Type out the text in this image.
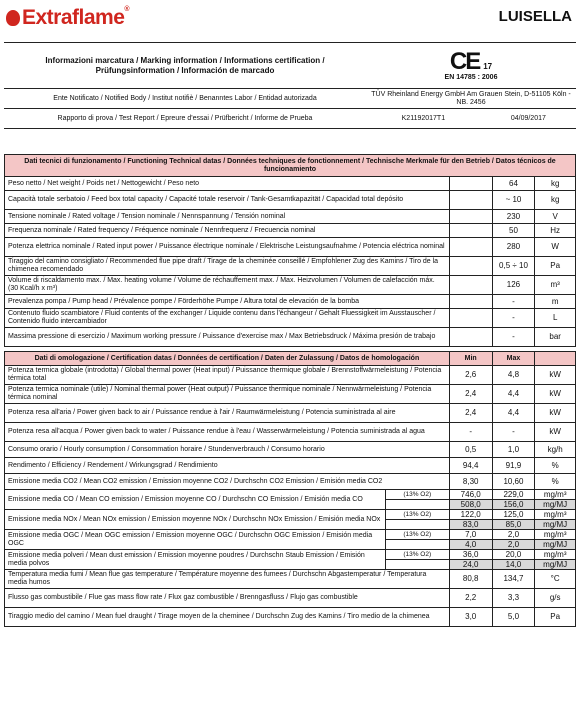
Extraflame®	LUISELLA
Informazioni marcatura / Marking information / Informations certification / Prüfungsinformation / Información de marcado	CE 17
EN 14785 : 2006	

Ente Notificato / Notified Body / Institut notifiè / Benanntes Labor / Entidad autorizada	TÜV Rheinland Energy GmbH Am Grauen Stein, D-51105 Köln - NB. 2456	
Rapporto di prova / Test Report / Epreure d'essai / Prüfbericht / Informe de Prueba	K21192017T1	04/09/2017
Dati tecnici di funzionamento / Functioning Technical datas / Données techniques de fonctionnement / Technische Merkmale für den Betrieb / Datos técnicos de funcionamiento				
Peso netto / Net weight / Poids net / Nettogewicht / Peso neto			64	kg
Capacità totale serbatoio / Feed box total capacity / Capacité totale reservoir / Tank-Gesamtkapazität / Capacidad total depósito			~ 10	kg
Tensione nominale / Rated voltage / Tension nominale / Nennspannung / Tensión nominal			230	V
Frequenza nominale / Rated frequency / Fréquence nominale / Nennfrequenz / Frecuencia nominal			50	Hz
Potenza elettrica nominale / Rated input power / Puissance électrique nominale / Elektrische Leistungsaufnahme / Potencia eléctrica nominal			280	W
Tiraggio del camino consigliato / Recommended flue pipe draft / Tirage de la cheminée conseillé / Empfohlener Zug des Kamins / Tiro de la chimenea recomendado			0,5 ÷ 10	Pa
Volume di riscaldamento max. / Max. heating volume / Volume de réchauffement max. / Max. Heizvolumen / Volumen de calefacción máx. (30 Kcal/h x m³)			126	m³
Prevalenza pompa / Pump head / Prévalence pompe / Förderhöhe Pumpe / Altura total de elevación de la bomba			-	m
Contenuto fluido scambiatore / Fluid contents of the exchanger / Liquide contenu dans l'échangeur / Gehalt Fluessigkeit im Ausstauscher / Contenido fluido intercambiador			-	L
Massima pressione di esercizio / Maximum working pressure / Puissance d'exercise max / Max Betriebsdruck / Máxima presión de trabajo			-	bar

Dati di omologazione / Certification datas / Données de certification / Daten der Zulassung / Datos de homologación		Min	Max	
Potenza termica globale (introdotta) / Global thermal power (Heat input) / Puissance thermique globale / Brennstoffwärmeleistung / Potencia térmica total		2,6	4,8	kW
Potenza termica nominale (utile) / Nominal thermal power (Heat output) / Puissance thermique nominale / Nennwärmeleistung / Potencia térmica nominal		2,4	4,4	kW
Potenza resa all'aria / Power given back to air / Puissance rendue à l'air / Raumwärmeleistung / Potencia suministrada al aire		2,4	4,4	kW
Potenza resa all'acqua / Power given back to water / Puissance rendue à l'eau / Wasserwärmeleistung / Potencia suministrada al agua		-	-	kW
Consumo orario / Hourly consumption / Consommation horaire / Stundenverbrauch / Consumo horario		0,5	1,0	kg/h
Rendimento / Efficiency / Rendement / Wirkungsgrad / Rendimiento		94,4	91,9	%
Emissione media CO2 / Mean CO2 emission / Emission moyenne CO2 / Durchschn CO2 Emission / Emisión media CO2		8,30	10,60	%
Emissione media CO / Mean CO emission / Emission moyenne CO / Durchschn CO Emission / Emisión media CO	(13% O2)	746,0	229,0	mg/m³
		508,0	156,0	mg/MJ
Emissione media NOx / Mean NOx emission / Emission moyenne NOx / Durchschn NOx Emission / Emisión media NOx	(13% O2)	122,0	125,0	mg/m³
		83,0	85,0	mg/MJ
Emissione media OGC / Mean OGC emission / Emission moyenne OGC / Durchschn OGC Emission / Emisión media OGC	(13% O2)	7,0	2,0	mg/m³
		4,0	2,0	mg/MJ
Emissione media polveri / Mean dust emission / Emission moyenne poudres / Durchschn Staub Emission / Emisión media polvos	(13% O2)	36,0	20,0	mg/m³
		24,0	14,0	mg/MJ
Temperatura media fumi / Mean flue gas temperature / Température moyenne des fumees / Durchschn Abgastemperatur / Temperatura media humos		80,8	134,7	°C
Flusso gas combustibile / Flue gas mass flow rate / Flux gaz combustible / Brenngasfluss / Flujo gas combustible		2,2	3,3	g/s
Tiraggio medio del camino / Mean fuel draught / Tirage moyen de la cheminee / Durchschn Zug des Kamins / Tiro medio de la chimenea		3,0	5,0	Pa
